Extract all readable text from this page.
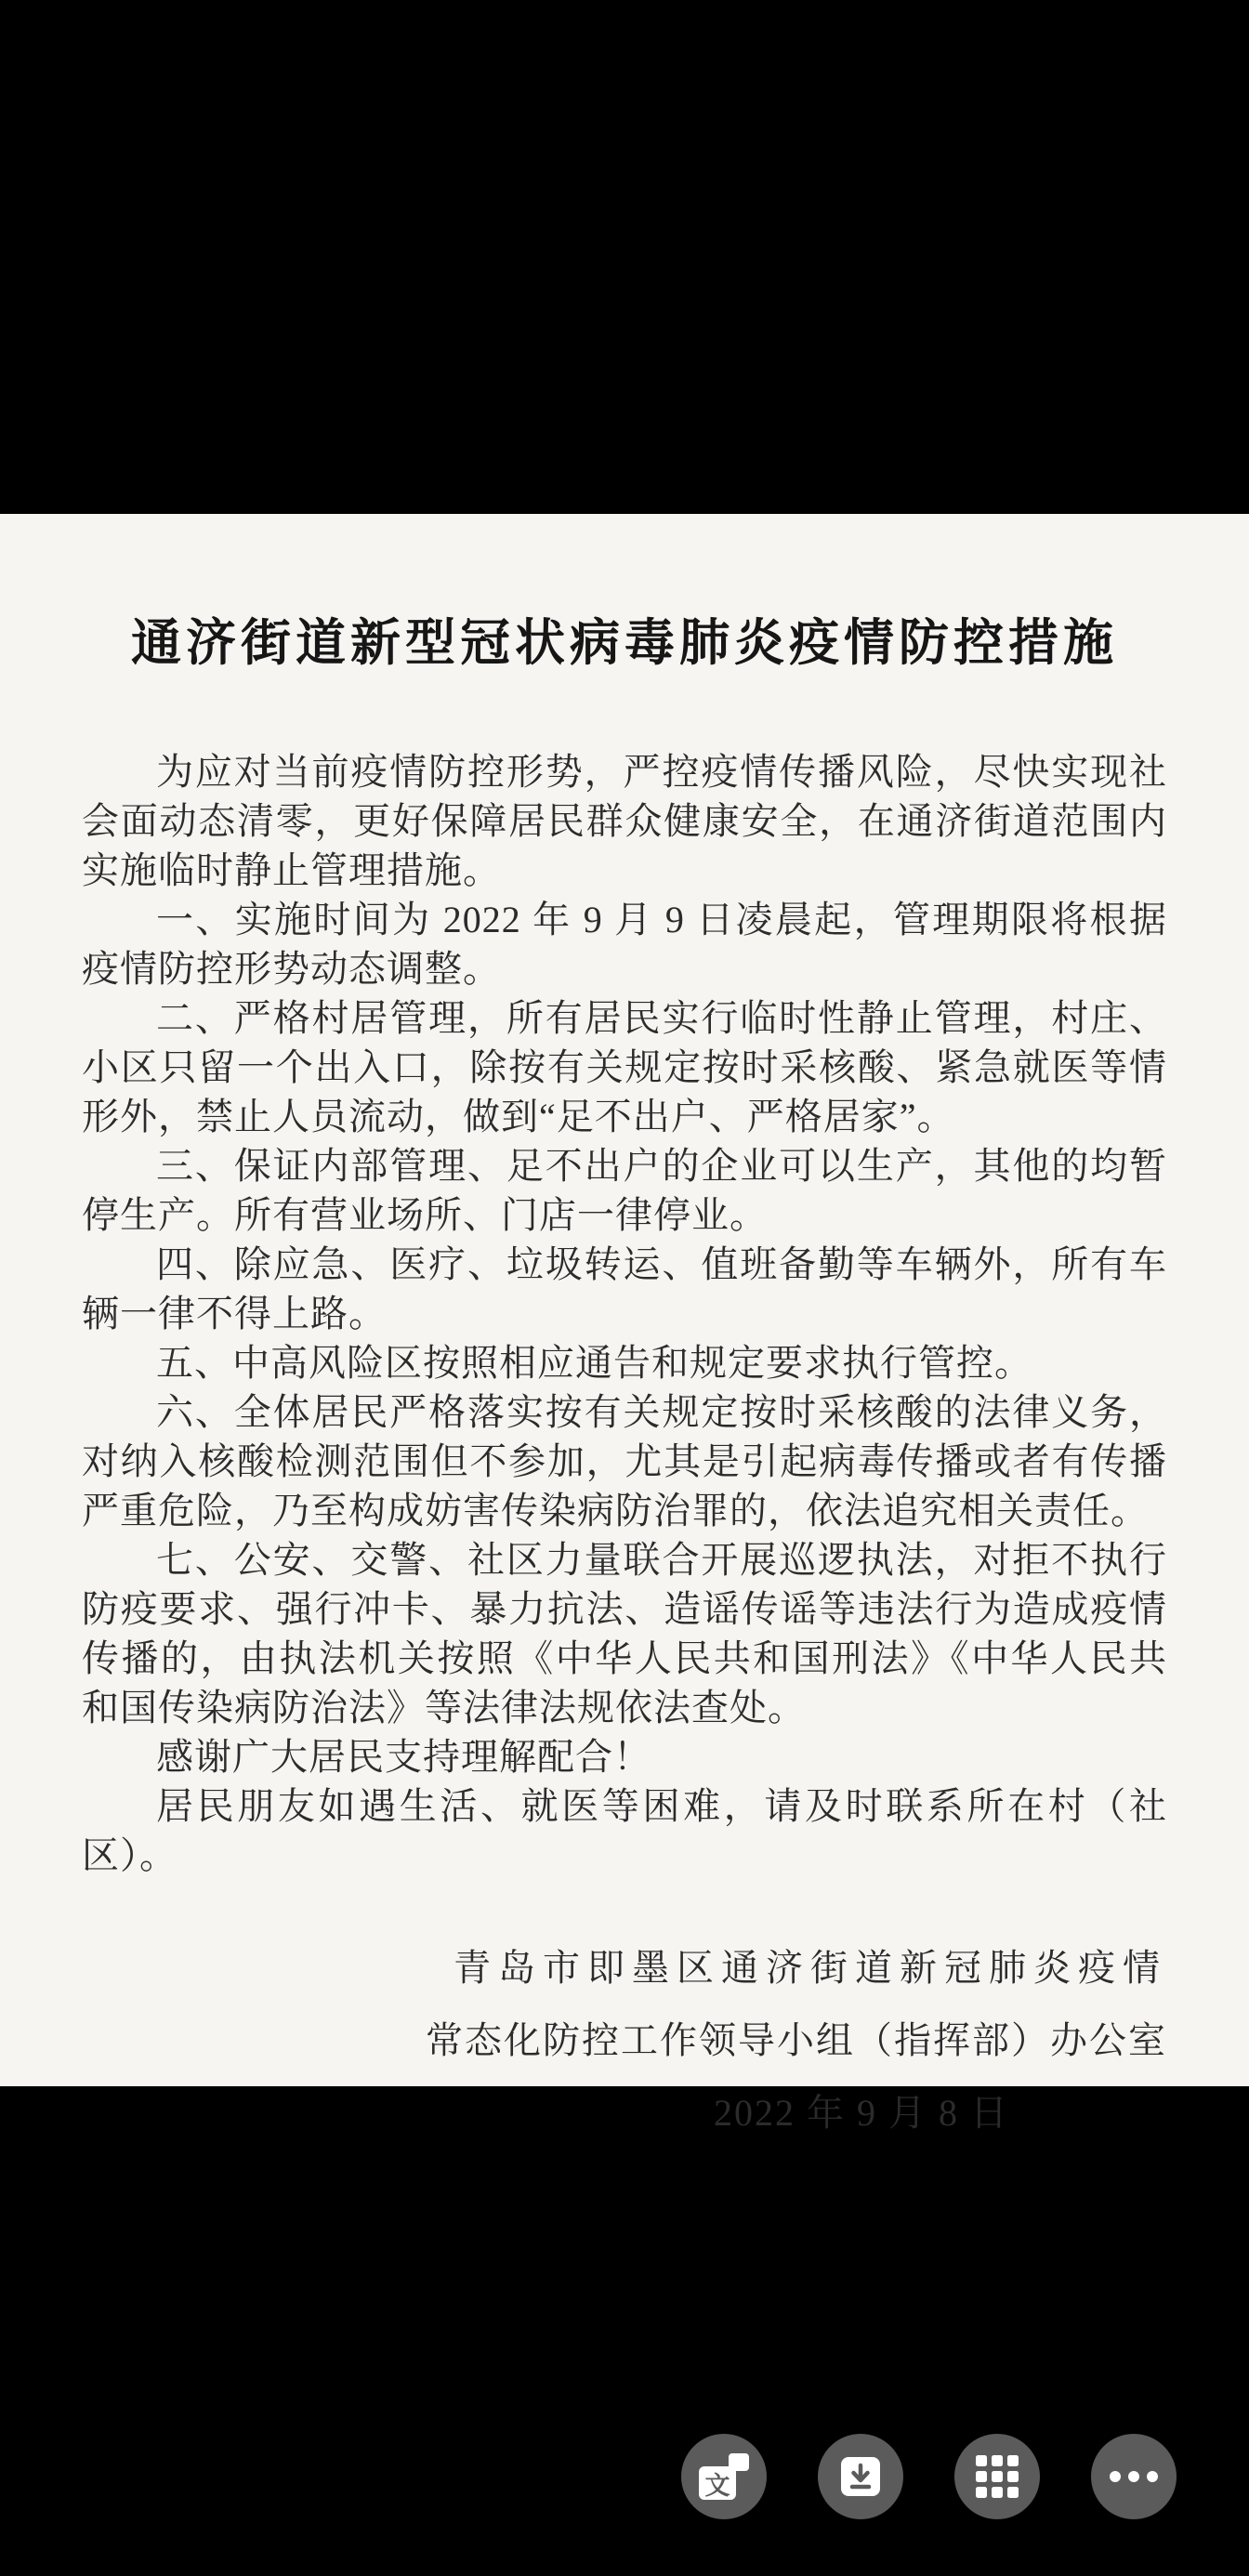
通济街道新型冠状病毒肺炎疫情防控措施

为应对当前疫情防控形势，严控疫情传播风险，尽快实现社会面动态清零，更好保障居民群众健康安全，在通济街道范围内实施临时静止管理措施。

一、实施时间为 2022 年 9 月 9 日凌晨起，管理期限将根据疫情防控形势动态调整。

二、严格村居管理，所有居民实行临时性静止管理，村庄、小区只留一个出入口，除按有关规定按时采核酸、紧急就医等情形外，禁止人员流动，做到“足不出户、严格居家”。

三、保证内部管理、足不出户的企业可以生产，其他的均暂停生产。所有营业场所、门店一律停业。

四、除应急、医疗、垃圾转运、值班备勤等车辆外，所有车辆一律不得上路。

五、中高风险区按照相应通告和规定要求执行管控。

六、全体居民严格落实按有关规定按时采核酸的法律义务，对纳入核酸检测范围但不参加，尤其是引起病毒传播或者有传播严重危险，乃至构成妨害传染病防治罪的，依法追究相关责任。

七、公安、交警、社区力量联合开展巡逻执法，对拒不执行防疫要求、强行冲卡、暴力抗法、造谣传谣等违法行为造成疫情传播的，由执法机关按照《中华人民共和国刑法》《中华人民共和国传染病防治法》等法律法规依法查处。

感谢广大居民支持理解配合！

居民朋友如遇生活、就医等困难，请及时联系所在村（社区）。

青岛市即墨区通济街道新冠肺炎疫情
常态化防控工作领导小组（指挥部）办公室
2022 年 9 月 8 日
文
